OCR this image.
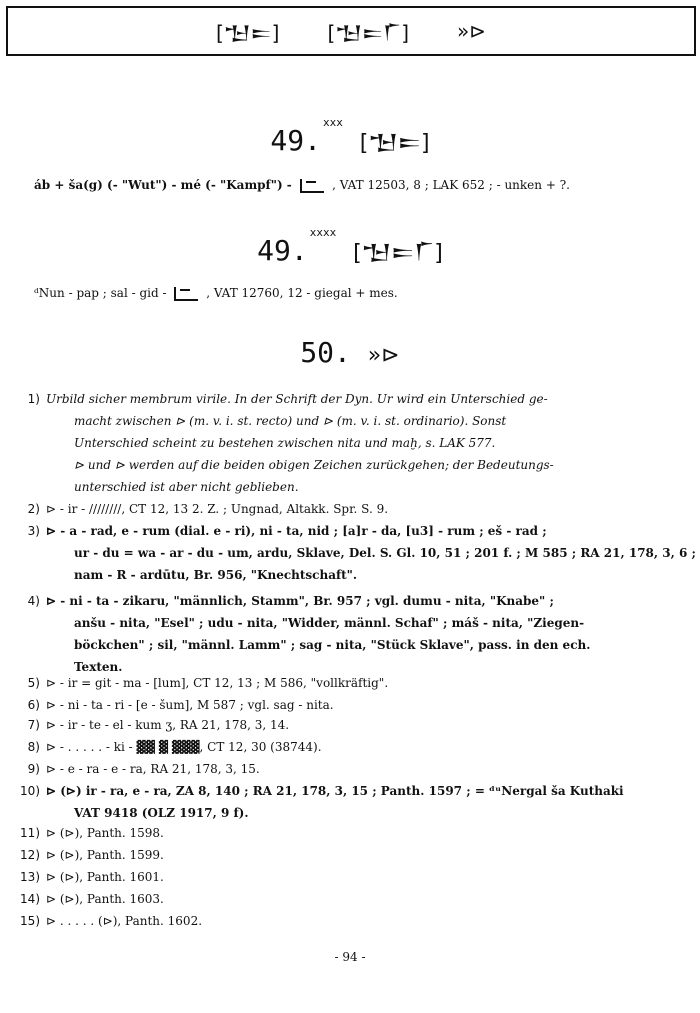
[𒈠𒋰] [𒈠𒋰𒇲] »⊳
49.$^{xxx}$ [𒈠𒋰]
áb + ša(g) (- "Wut") - mé (- "Kampf") -	, VAT 12503, 8 ; LAK 652 ; - unken + ?.
49.$^{xxxx}$ [𒈠𒋰𒇲]
ᵈNun - pap ; sal - gid -	, VAT 12760, 12 - giegal + mes.
50. »⊳
1) Urbild sicher membrum virile. In der Schrift der Dyn. Ur wird ein Unterschied ge-
macht zwischen ⊳ (m. v. i. st. recto) und ⊳ (m. v. i. st. ordinario). Sonst
Unterschied scheint zu bestehen zwischen nita und maḫ, s. LAK 577.
⊳ und ⊳ werden auf die beiden obigen Zeichen zurückgehen; der Bedeutungs-
unterschied ist aber nicht geblieben.
2) ⊳ - ir - ////////, CT 12, 13 2. Z. ; Ungnad, Altakk. Spr. S. 9.
3) ⊳ - a - rad, e - rum (dial. e - ri), ni - ta, nid ; [a]r - da, [u3] - rum ; eš - rad ;
ur - du = wa - ar - du - um, ardu, Sklave, Del. S. Gl. 10, 51 ; 201 f. ; M 585 ; RA 21, 178, 3, 6 ;
nam - R - ardūtu, Br. 956, "Knechtschaft".
4) ⊳ - ni - ta - zikaru, "männlich, Stamm", Br. 957 ; vgl. dumu - nita, "Knabe" ;
anšu - nita, "Esel" ; udu - nita, "Widder, männl. Schaf" ; máš - nita, "Ziegen-
böckchen" ; sil, "männl. Lamm" ; sag - nita, "Stück Sklave", pass. in den ech.
Texten.
5) ⊳ - ir = git - ma - [lum], CT 12, 13 ; M 586, "vollkräftig".
6) ⊳ - ni - ta - ri - [e - šum], M 587 ; vgl. sag - nita.
7) ⊳ - ir - te - el - kum ʒ, RA 21, 178, 3, 14.
8) ⊳ - . . . . . - ki - ▓▓ ▓ ▓▓▓, CT 12, 30 (38744).
9) ⊳ - e - ra - e - ra, RA 21, 178, 3, 15.
10) ⊳ (⊳) ir - ra, e - ra, ZA 8, 140 ; RA 21, 178, 3, 15 ; Panth. 1597 ; = ᵈᵘNergal ša Kuthaki
VAT 9418 (OLZ 1917, 9 f).
11) ⊳ (⊳), Panth. 1598.
12) ⊳ (⊳), Panth. 1599.
13) ⊳ (⊳), Panth. 1601.
14) ⊳ (⊳), Panth. 1603.
15) ⊳ . . . . . (⊳), Panth. 1602.
- 94 -
